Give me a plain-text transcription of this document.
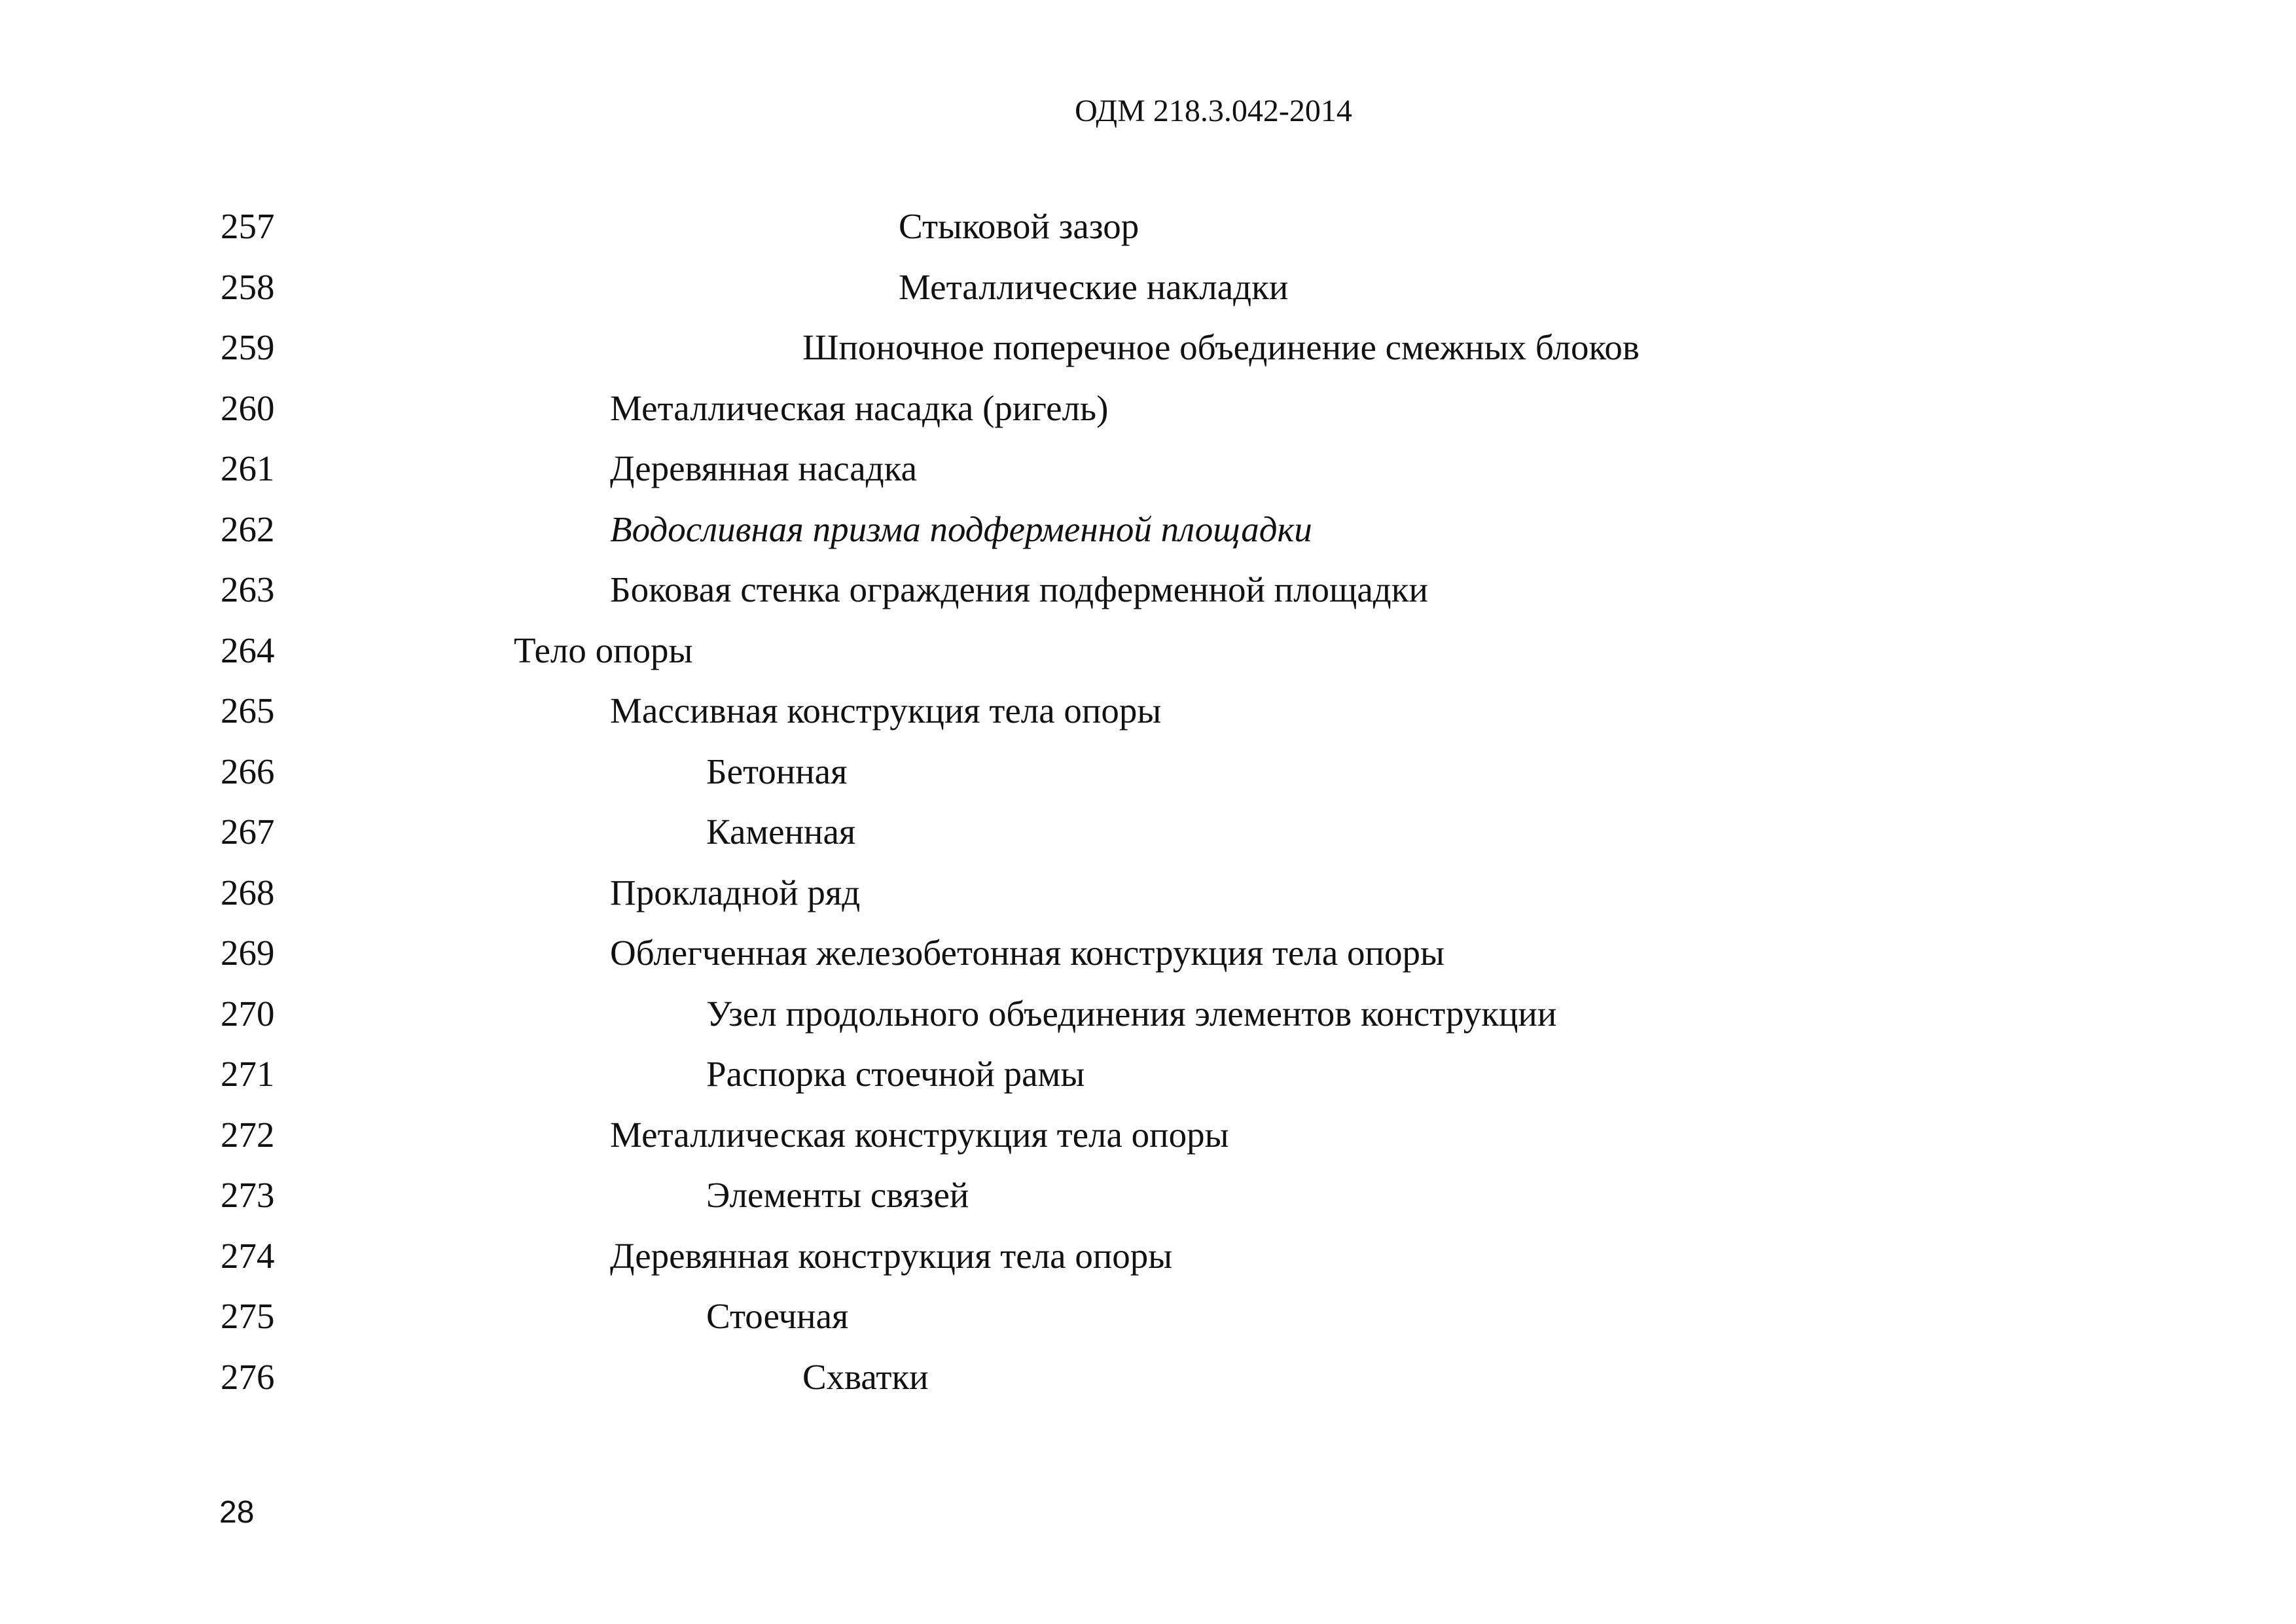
ОДМ 218.3.042-2014
257	Стыковой зазор
258	Металлические накладки
259	Шпоночное поперечное объединение смежных блоков
260	Металлическая насадка (ригель)
261	Деревянная насадка
262	Водосливная призма подферменной площадки
263	Боковая стенка ограждения подферменной площадки
264	Тело опоры
265	Массивная конструкция тела опоры
266	Бетонная
267	Каменная
268	Прокладной ряд
269	Облегченная железобетонная конструкция тела опоры
270	Узел продольного объединения элементов конструкции
271	Распорка стоечной рамы
272	Металлическая конструкция тела опоры
273	Элементы связей
274	Деревянная конструкция тела опоры
275	Стоечная
276	Схватки
28
